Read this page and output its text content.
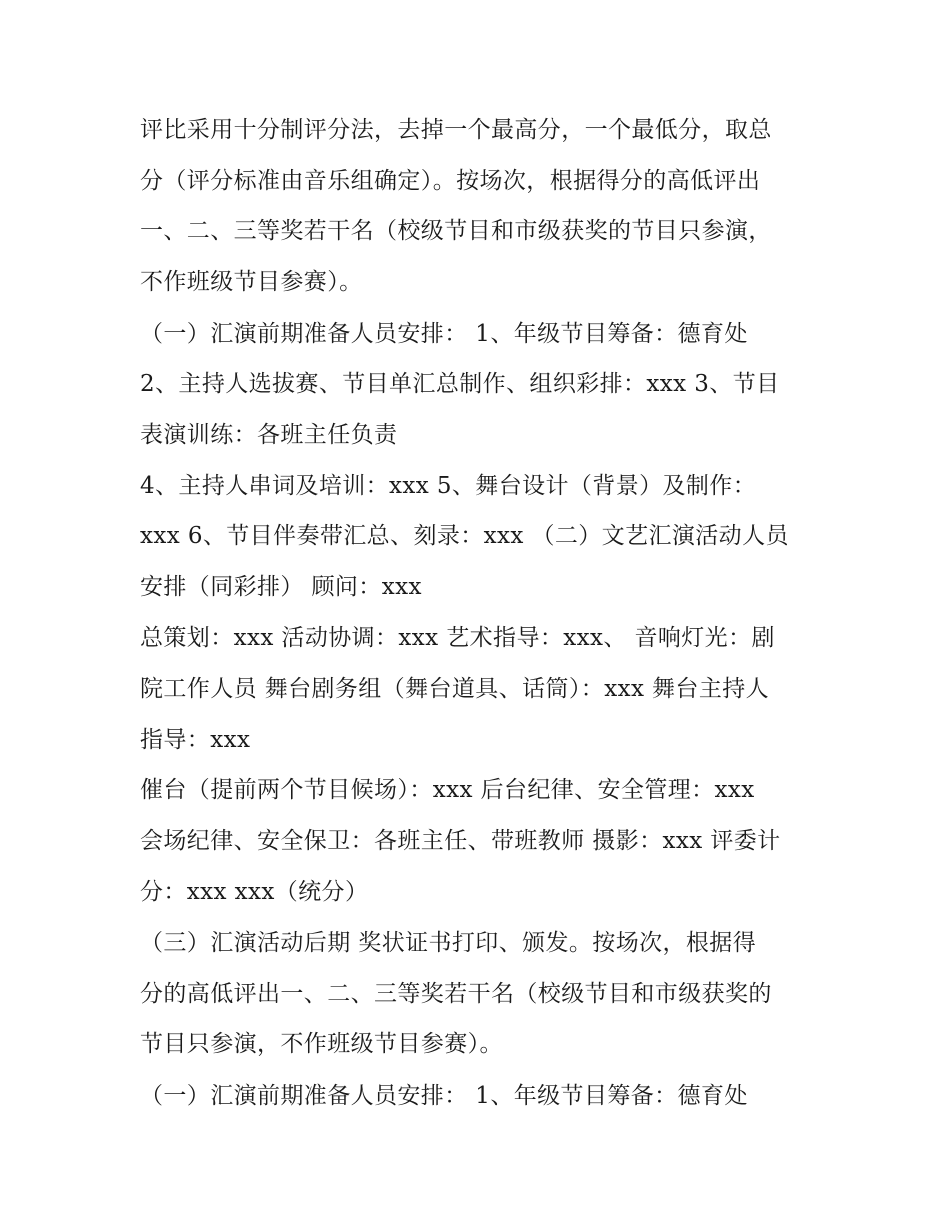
评比采用十分制评分法，去掉一个最高分，一个最低分，取总
分（评分标准由音乐组确定）。按场次，根据得分的高低评出
一、二、三等奖若干名（校级节目和市级获奖的节目只参演，
不作班级节目参赛）。
（一）汇演前期准备人员安排： 1、年级节目筹备：德育处
2、主持人选拔赛、节目单汇总制作、组织彩排：xxx 3、节目
表演训练：各班主任负责
4、主持人串词及培训：xxx 5、舞台设计（背景）及制作：
xxx 6、节目伴奏带汇总、刻录：xxx （二）文艺汇演活动人员
安排（同彩排） 顾问：xxx
总策划：xxx 活动协调：xxx 艺术指导：xxx、 音响灯光：剧
院工作人员 舞台剧务组（舞台道具、话筒）：xxx 舞台主持人
指导：xxx
催台（提前两个节目候场）：xxx 后台纪律、安全管理：xxx
会场纪律、安全保卫：各班主任、带班教师 摄影：xxx 评委计
分：xxx xxx（统分）
（三）汇演活动后期 奖状证书打印、颁发。按场次，根据得
分的高低评出一、二、三等奖若干名（校级节目和市级获奖的
节目只参演，不作班级节目参赛）。
（一）汇演前期准备人员安排： 1、年级节目筹备：德育处
